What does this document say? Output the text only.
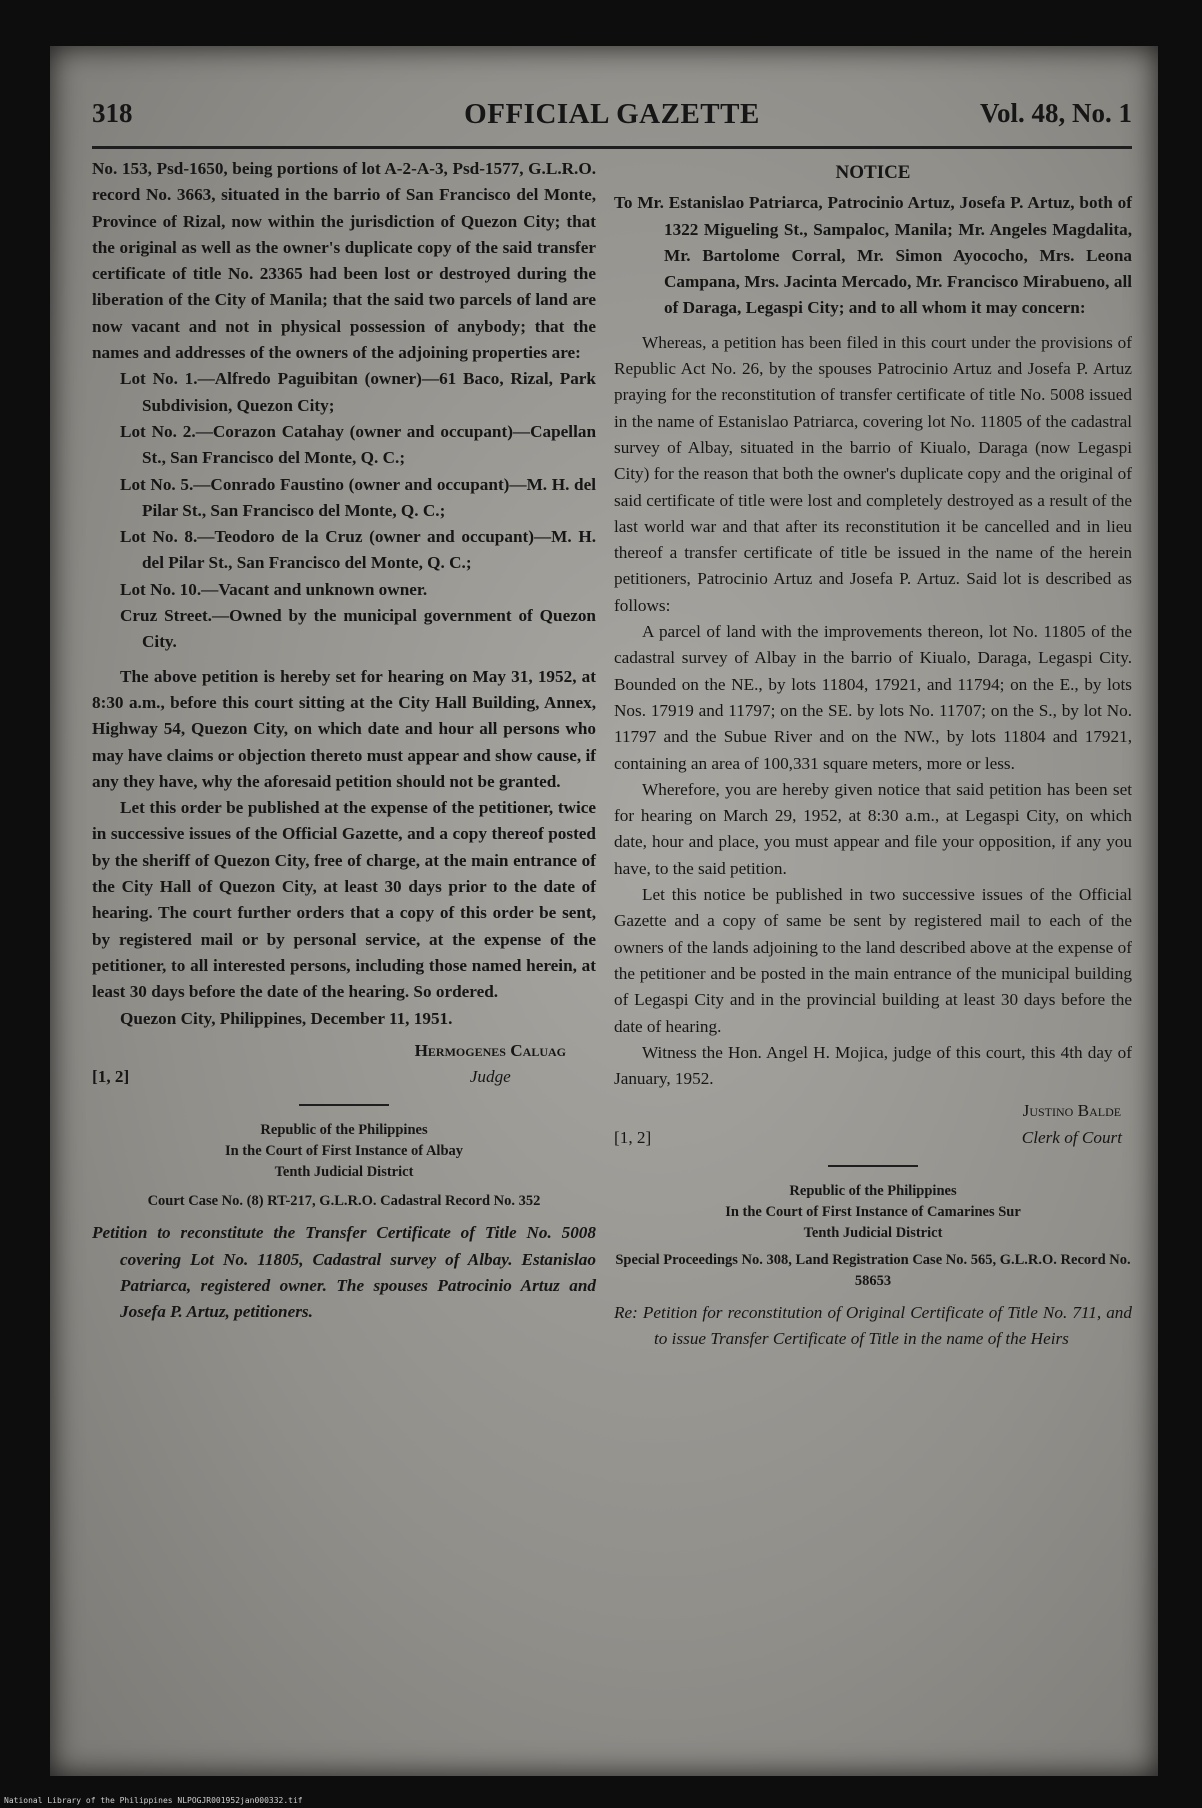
318	OFFICIAL GAZETTE	Vol. 48, No. 1

No. 153, Psd-1650, being portions of lot A-2-A-3, Psd-1577, G.L.R.O. record No. 3663, situated in the barrio of San Francisco del Monte, Province of Rizal, now within the jurisdiction of Quezon City; that the original as well as the owner's duplicate copy of the said transfer certificate of title No. 23365 had been lost or destroyed during the liberation of the City of Manila; that the said two parcels of land are now vacant and not in physical possession of anybody; that the names and addresses of the owners of the adjoining properties are:

Lot No. 1.—Alfredo Paguibitan (owner)—61 Baco, Rizal, Park Subdivision, Quezon City;

Lot No. 2.—Corazon Catahay (owner and occupant)—Capellan St., San Francisco del Monte, Q. C.;

Lot No. 5.—Conrado Faustino (owner and occupant)—M. H. del Pilar St., San Francisco del Monte, Q. C.;

Lot No. 8.—Teodoro de la Cruz (owner and occupant)—M. H. del Pilar St., San Francisco del Monte, Q. C.;

Lot No. 10.—Vacant and unknown owner.

Cruz Street.—Owned by the municipal government of Quezon City.

The above petition is hereby set for hearing on May 31, 1952, at 8:30 a.m., before this court sitting at the City Hall Building, Annex, Highway 54, Quezon City, on which date and hour all persons who may have claims or objection thereto must appear and show cause, if any they have, why the aforesaid petition should not be granted.

Let this order be published at the expense of the petitioner, twice in successive issues of the Official Gazette, and a copy thereof posted by the sheriff of Quezon City, free of charge, at the main entrance of the City Hall of Quezon City, at least 30 days prior to the date of hearing. The court further orders that a copy of this order be sent, by registered mail or by personal service, at the expense of the petitioner, to all interested persons, including those named herein, at least 30 days before the date of the hearing. So ordered.

Quezon City, Philippines, December 11, 1951.

[1, 2]
Hermogenes Caluag
Judge

Republic of the Philippines

In the Court of First Instance of Albay

Tenth Judicial District

Court Case No. (8) RT-217, G.L.R.O. Cadastral Record No. 352

Petition to reconstitute the Transfer Certificate of Title No. 5008 covering Lot No. 11805, Cadastral survey of Albay. Estanislao Patriarca, registered owner. The spouses Patrocinio Artuz and Josefa P. Artuz, petitioners.

NOTICE

To Mr. Estanislao Patriarca, Patrocinio Artuz, Josefa P. Artuz, both of 1322 Migueling St., Sampaloc, Manila; Mr. Angeles Magdalita, Mr. Bartolome Corral, Mr. Simon Ayococho, Mrs. Leona Campana, Mrs. Jacinta Mercado, Mr. Francisco Mirabueno, all of Daraga, Legaspi City; and to all whom it may concern:

Whereas, a petition has been filed in this court under the provisions of Republic Act No. 26, by the spouses Patrocinio Artuz and Josefa P. Artuz praying for the reconstitution of transfer certificate of title No. 5008 issued in the name of Estanislao Patriarca, covering lot No. 11805 of the cadastral survey of Albay, situated in the barrio of Kiualo, Daraga (now Legaspi City) for the reason that both the owner's duplicate copy and the original of said certificate of title were lost and completely destroyed as a result of the last world war and that after its reconstitution it be cancelled and in lieu thereof a transfer certificate of title be issued in the name of the herein petitioners, Patrocinio Artuz and Josefa P. Artuz. Said lot is described as follows:

A parcel of land with the improvements thereon, lot No. 11805 of the cadastral survey of Albay in the barrio of Kiualo, Daraga, Legaspi City. Bounded on the NE., by lots 11804, 17921, and 11794; on the E., by lots Nos. 17919 and 11797; on the SE. by lots No. 11707; on the S., by lot No. 11797 and the Subue River and on the NW., by lots 11804 and 17921, containing an area of 100,331 square meters, more or less.

Wherefore, you are hereby given notice that said petition has been set for hearing on March 29, 1952, at 8:30 a.m., at Legaspi City, on which date, hour and place, you must appear and file your opposition, if any you have, to the said petition.

Let this notice be published in two successive issues of the Official Gazette and a copy of same be sent by registered mail to each of the owners of the lands adjoining to the land described above at the expense of the petitioner and be posted in the main entrance of the municipal building of Legaspi City and in the provincial building at least 30 days before the date of hearing.

Witness the Hon. Angel H. Mojica, judge of this court, this 4th day of January, 1952.

[1, 2]
Justino Balde
Clerk of Court

Republic of the Philippines

In the Court of First Instance of Camarines Sur

Tenth Judicial District

Special Proceedings No. 308, Land Registration Case No. 565, G.L.R.O. Record No. 58653

Re: Petition for reconstitution of Original Certificate of Title No. 711, and to issue Transfer Certificate of Title in the name of the Heirs

National Library of the Philippines NLPOGJR001952jan000332.tif
